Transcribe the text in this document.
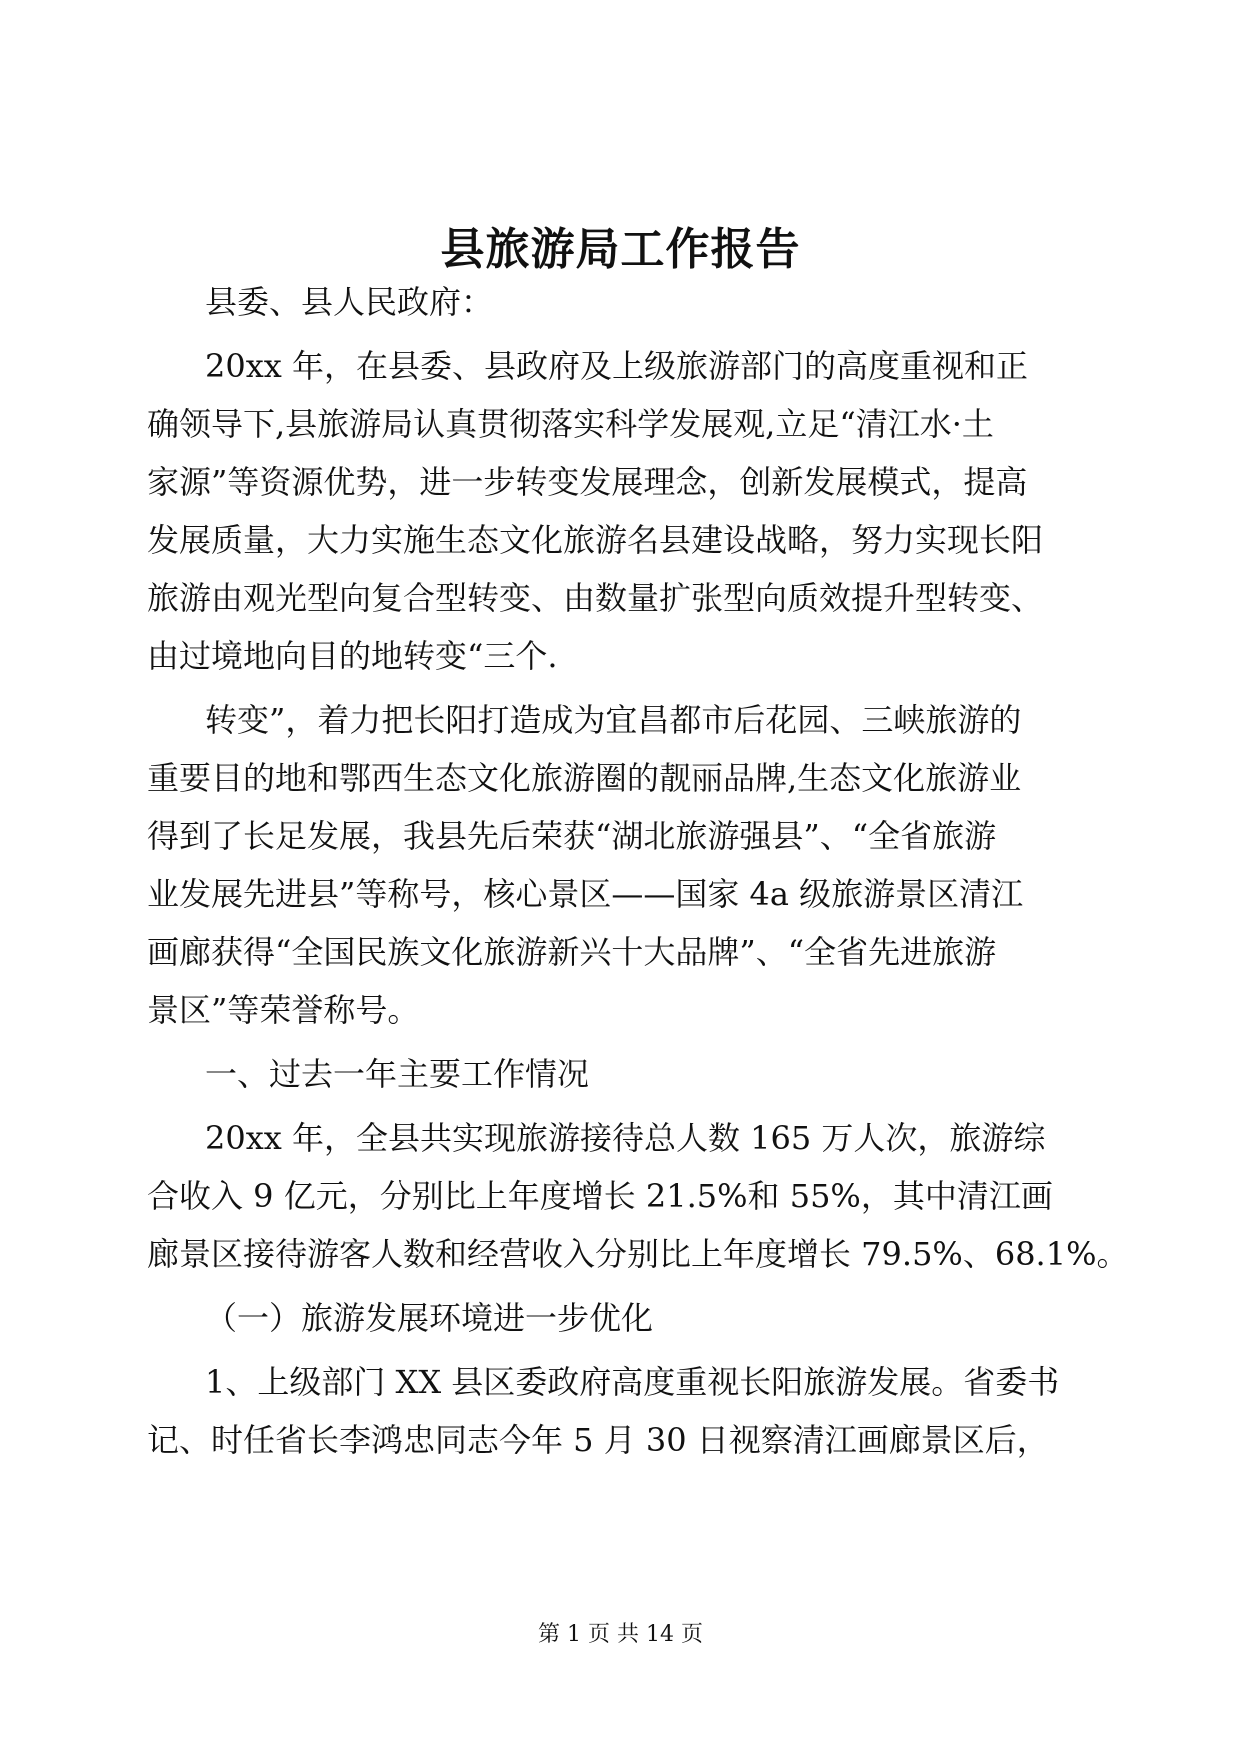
县旅游局工作报告
县委、县人民政府：
20xx 年，在县委、县政府及上级旅游部门的高度重视和正
确领导下,县旅游局认真贯彻落实科学发展观,立足“清江水·土
家源”等资源优势，进一步转变发展理念，创新发展模式，提高
发展质量，大力实施生态文化旅游名县建设战略，努力实现长阳
旅游由观光型向复合型转变、由数量扩张型向质效提升型转变、
由过境地向目的地转变“三个.
转变”，着力把长阳打造成为宜昌都市后花园、三峡旅游的
重要目的地和鄂西生态文化旅游圈的靓丽品牌,生态文化旅游业
得到了长足发展，我县先后荣获“湖北旅游强县”、“全省旅游
业发展先进县”等称号，核心景区——国家 4a 级旅游景区清江
画廊获得“全国民族文化旅游新兴十大品牌”、“全省先进旅游
景区”等荣誉称号。
一、过去一年主要工作情况
20xx 年，全县共实现旅游接待总人数 165 万人次，旅游综
合收入 9 亿元，分别比上年度增长 21.5%和 55%，其中清江画
廊景区接待游客人数和经营收入分别比上年度增长 79.5%、68.1%。
（一）旅游发展环境进一步优化
1、上级部门 XX 县区委政府高度重视长阳旅游发展。省委书
记、时任省长李鸿忠同志今年 5 月 30 日视察清江画廊景区后，
第 1 页 共 14 页
